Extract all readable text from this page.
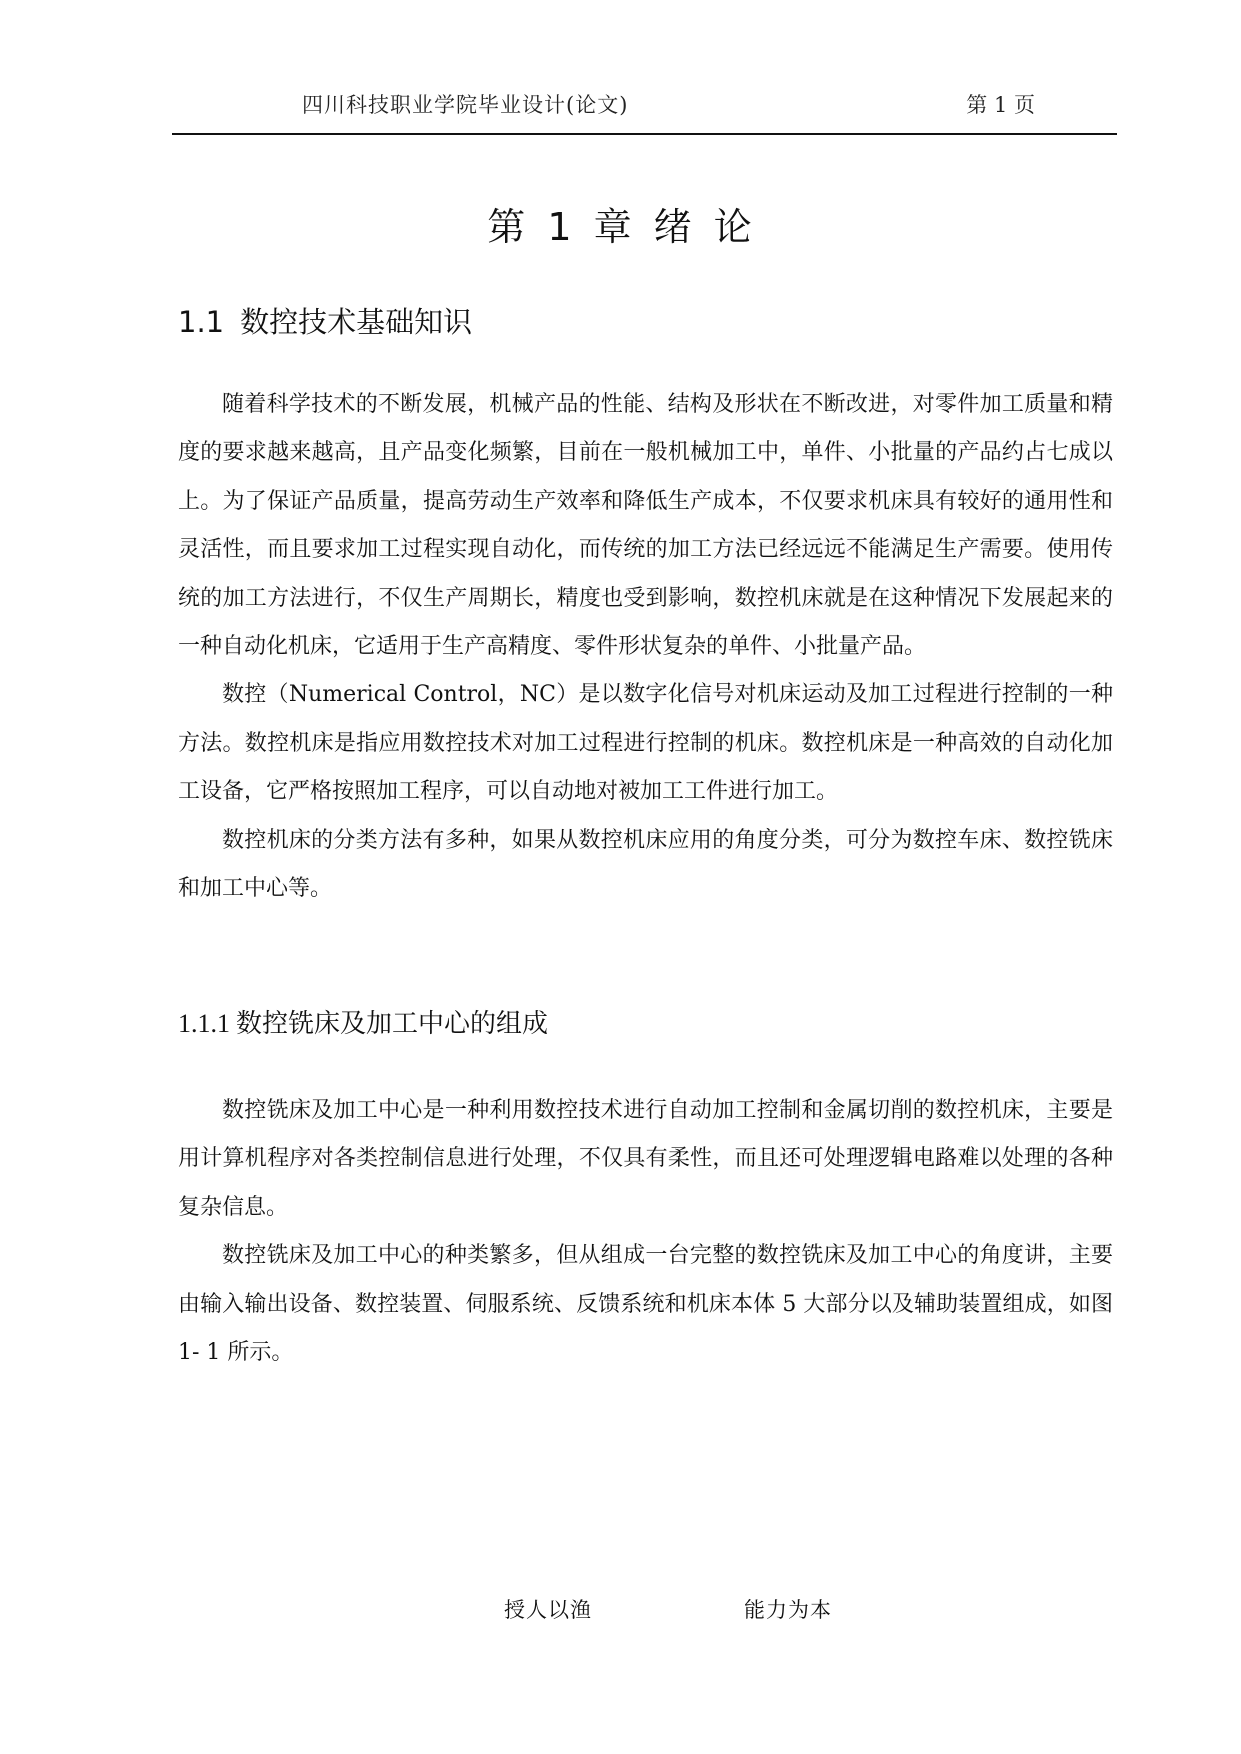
四川科技职业学院毕业设计(论文)	第 1 页
第 1 章 绪 论
1.1 数控技术基础知识

随着科学技术的不断发展，机械产品的性能、结构及形状在不断改进，对零件加工质量和精度的要求越来越高，且产品变化频繁，目前在一般机械加工中，单件、小批量的产品约占七成以上。为了保证产品质量，提高劳动生产效率和降低生产成本，不仅要求机床具有较好的通用性和灵活性，而且要求加工过程实现自动化，而传统的加工方法已经远远不能满足生产需要。使用传统的加工方法进行，不仅生产周期长，精度也受到影响，数控机床就是在这种情况下发展起来的一种自动化机床，它适用于生产高精度、零件形状复杂的单件、小批量产品。

数控（Numerical Control，NC）是以数字化信号对机床运动及加工过程进行控制的一种方法。数控机床是指应用数控技术对加工过程进行控制的机床。数控机床是一种高效的自动化加工设备，它严格按照加工程序，可以自动地对被加工工件进行加工。

数控机床的分类方法有多种，如果从数控机床应用的角度分类，可分为数控车床、数控铣床和加工中心等。

1.1.1 数控铣床及加工中心的组成

数控铣床及加工中心是一种利用数控技术进行自动加工控制和金属切削的数控机床，主要是用计算机程序对各类控制信息进行处理，不仅具有柔性，而且还可处理逻辑电路难以处理的各种复杂信息。

数控铣床及加工中心的种类繁多，但从组成一台完整的数控铣床及加工中心的角度讲，主要由输入输出设备、数控装置、伺服系统、反馈系统和机床本体 5 大部分以及辅助装置组成，如图 1- 1 所示。

授人以渔	能力为本
